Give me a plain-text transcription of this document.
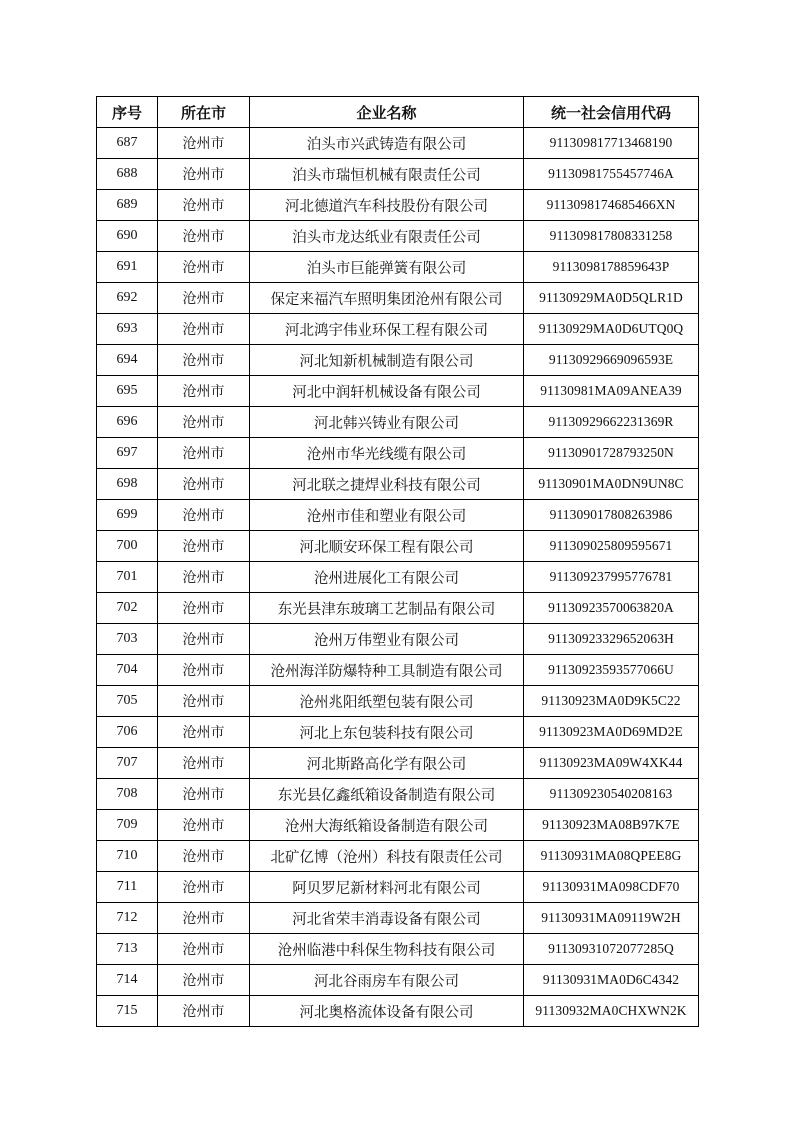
序号	所在市	企业名称	统一社会信用代码
687	沧州市	泊头市兴武铸造有限公司	911309817713468190
688	沧州市	泊头市瑞恒机械有限责任公司	91130981755457746A
689	沧州市	河北德道汽车科技股份有限公司	9113098174685466XN
690	沧州市	泊头市龙达纸业有限责任公司	911309817808331258
691	沧州市	泊头市巨能弹簧有限公司	9113098178859643P
692	沧州市	保定来福汽车照明集团沧州有限公司	91130929MA0D5QLR1D
693	沧州市	河北鸿宇伟业环保工程有限公司	91130929MA0D6UTQ0Q
694	沧州市	河北知新机械制造有限公司	91130929669096593E
695	沧州市	河北中润轩机械设备有限公司	91130981MA09ANEA39
696	沧州市	河北韩兴铸业有限公司	91130929662231369R
697	沧州市	沧州市华光线缆有限公司	91130901728793250N
698	沧州市	河北联之捷焊业科技有限公司	91130901MA0DN9UN8C
699	沧州市	沧州市佳和塑业有限公司	911309017808263986
700	沧州市	河北顺安环保工程有限公司	911309025809595671
701	沧州市	沧州进展化工有限公司	911309237995776781
702	沧州市	东光县津东玻璃工艺制品有限公司	91130923570063820A
703	沧州市	沧州万伟塑业有限公司	91130923329652063H
704	沧州市	沧州海洋防爆特种工具制造有限公司	91130923593577066U
705	沧州市	沧州兆阳纸塑包装有限公司	91130923MA0D9K5C22
706	沧州市	河北上东包装科技有限公司	91130923MA0D69MD2E
707	沧州市	河北斯路高化学有限公司	91130923MA09W4XK44
708	沧州市	东光县亿鑫纸箱设备制造有限公司	911309230540208163
709	沧州市	沧州大海纸箱设备制造有限公司	91130923MA08B97K7E
710	沧州市	北矿亿博（沧州）科技有限责任公司	91130931MA08QPEE8G
711	沧州市	阿贝罗尼新材料河北有限公司	91130931MA098CDF70
712	沧州市	河北省荣丰消毒设备有限公司	91130931MA09119W2H
713	沧州市	沧州临港中科保生物科技有限公司	91130931072077285Q
714	沧州市	河北谷雨房车有限公司	91130931MA0D6C4342
715	沧州市	河北奥格流体设备有限公司	91130932MA0CHXWN2K
